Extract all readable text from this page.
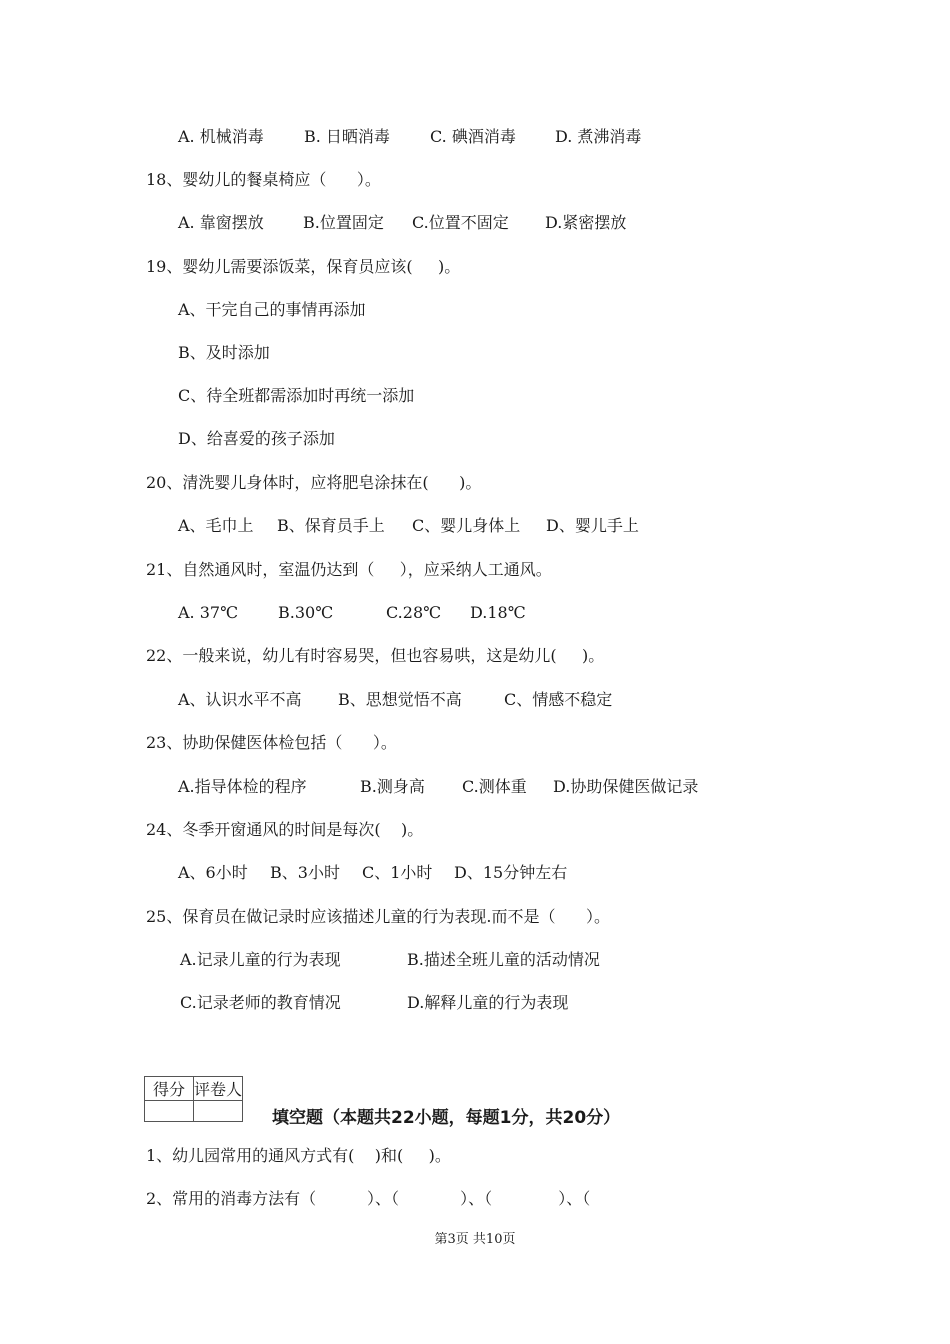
A. 机械消毒	B. 日晒消毒	C. 碘酒消毒 D. 煮沸消毒
18、婴幼儿的餐桌椅应（      ）。
A. 靠窗摆放 B.位置固定 C.位置不固定 D.紧密摆放
19、婴幼儿需要添饭菜，保育员应该(     )。
A、干完自己的事情再添加
B、及时添加
C、待全班都需添加时再统一添加
D、给喜爱的孩子添加
20、清洗婴儿身体时，应将肥皂涂抹在(      )。
A、毛巾上 B、保育员手上 C、婴儿身体上 D、婴儿手上
21、自然通风时，室温仍达到（     ），应采纳人工通风。
A. 37℃	B.30℃	C.28℃ D.18℃
22、一般来说，幼儿有时容易哭，但也容易哄，这是幼儿(     )。
A、认识水平不高 B、思想觉悟不高	C、情感不稳定
23、协助保健医体检包括（      ）。
A.指导体检的程序	B.测身高 C.测体重 D.协助保健医做记录
24、冬季开窗通风的时间是每次(    )。
A、6小时 B、3小时 C、1小时 D、15分钟左右
25、保育员在做记录时应该描述儿童的行为表现.而不是（      ）。
A.记录儿童的行为表现	B.描述全班儿童的活动情况
C.记录老师的教育情况	D.解释儿童的行为表现
得分	评卷人

填空题（本题共22小题，每题1分，共20分）
1、幼儿园常用的通风方式有(    )和(     )。
2、常用的消毒方法有（          ）、（            ）、（             ）、（
第3页 共10页
